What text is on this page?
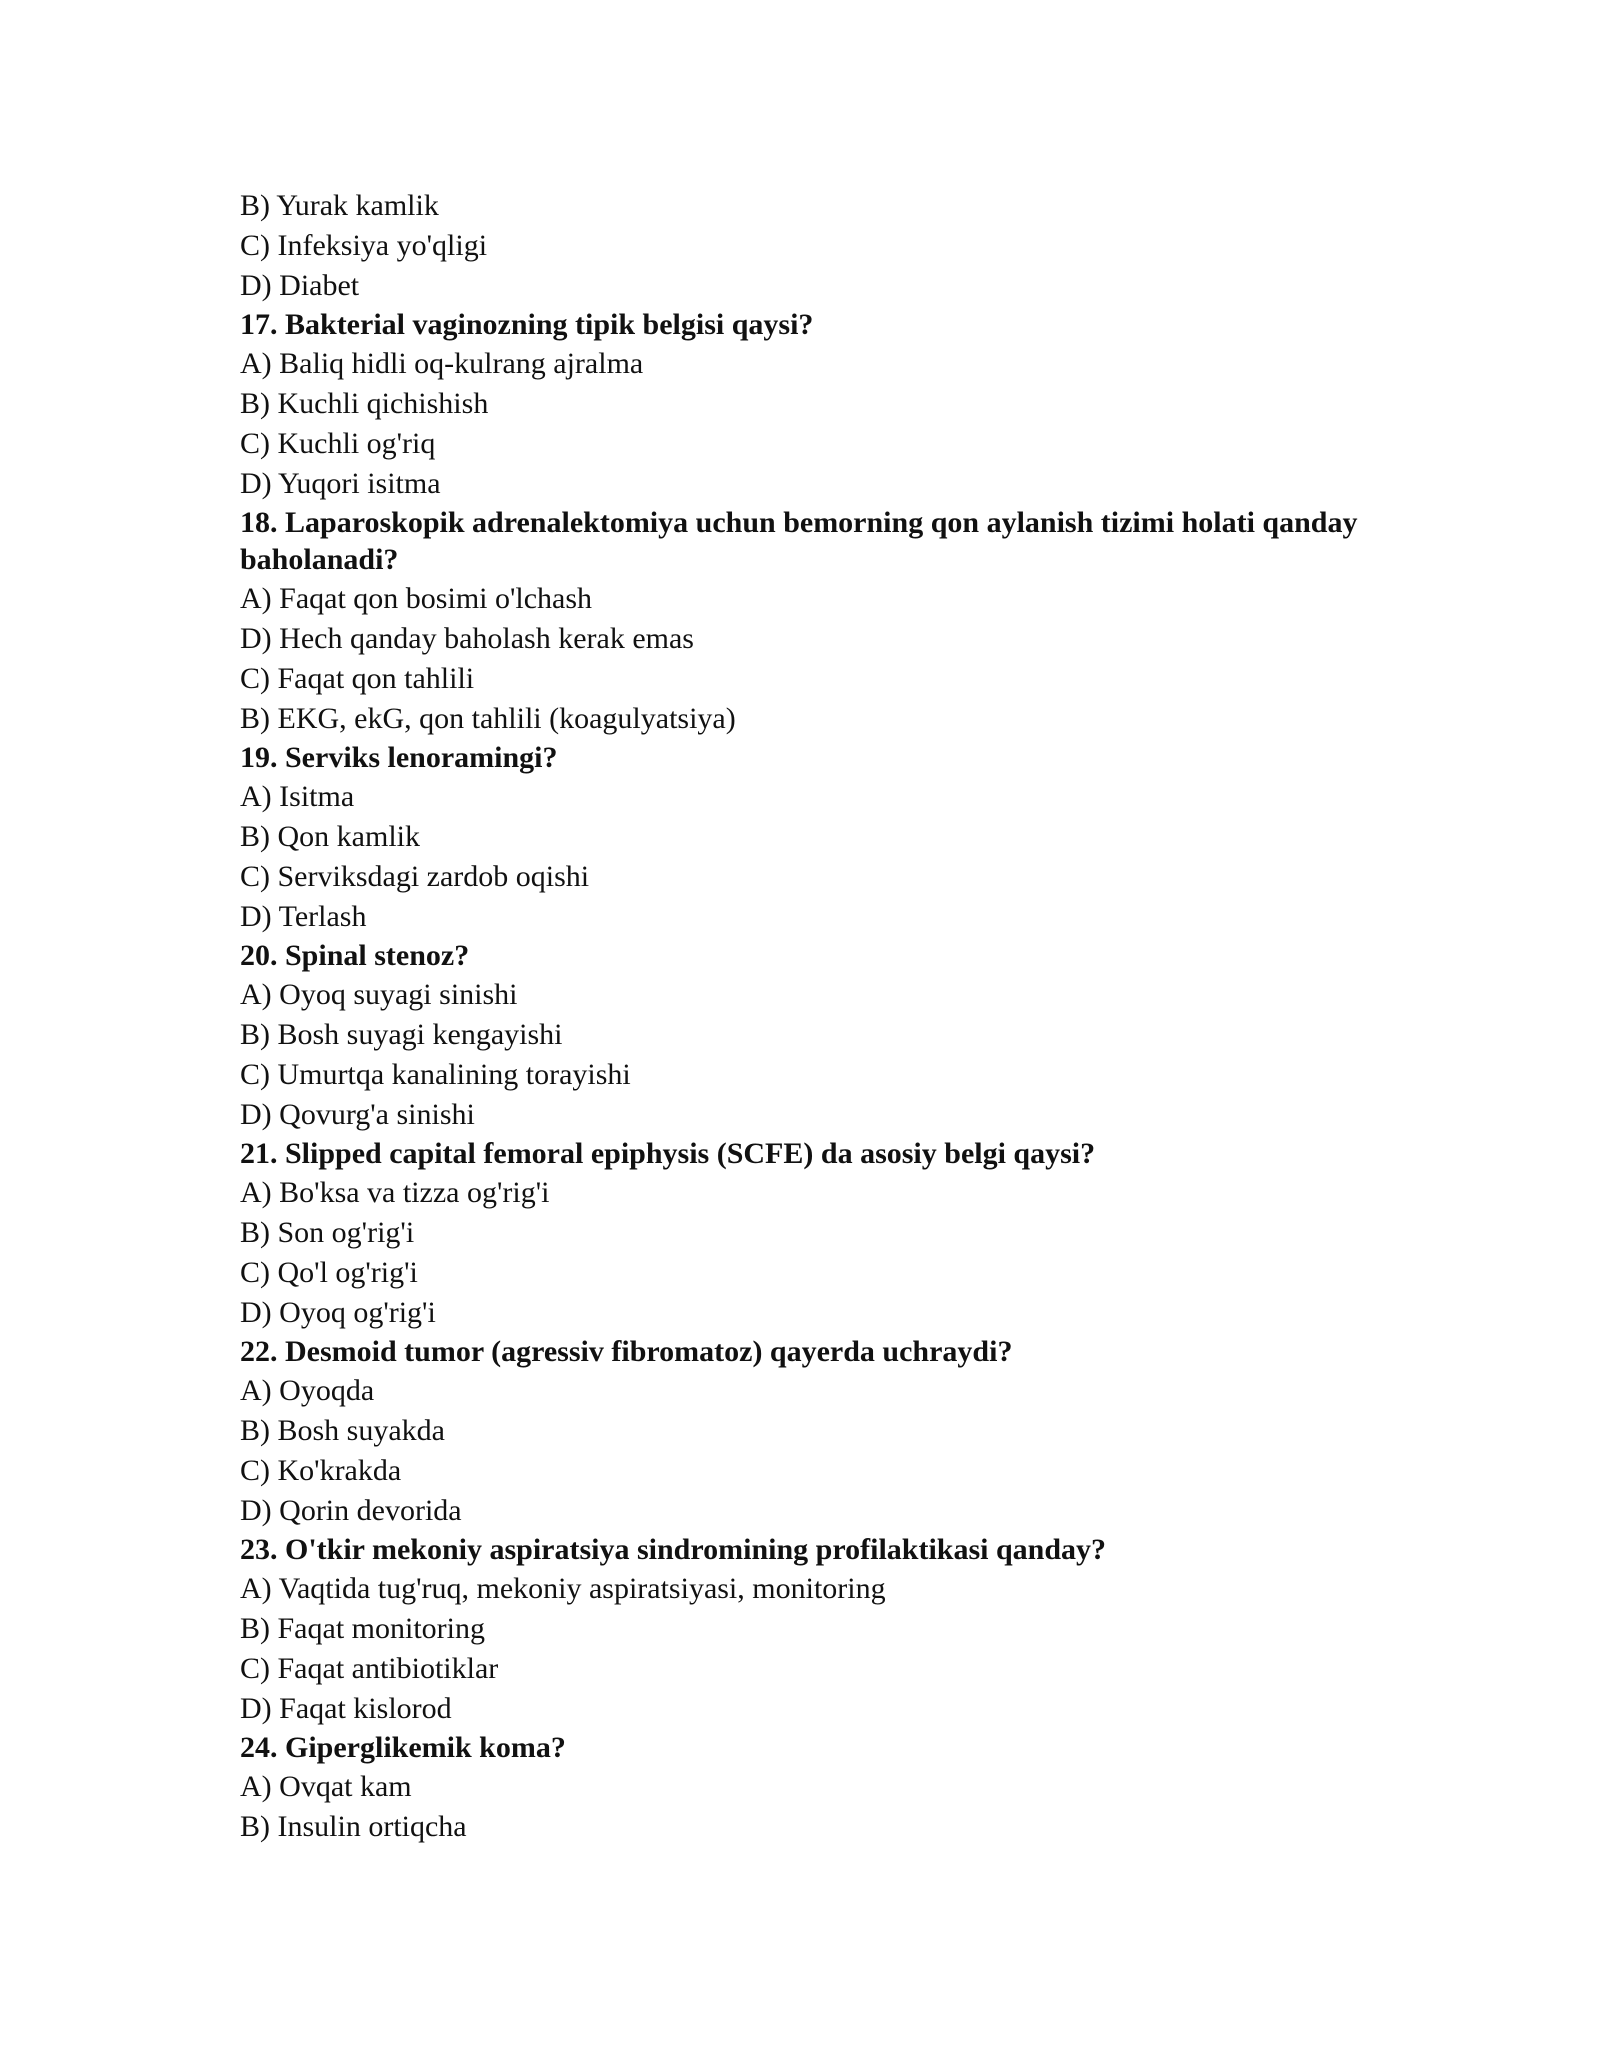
B) Yurak kamlik

C) Infeksiya yo'qligi

D) Diabet

17. Bakterial vaginozning tipik belgisi qaysi?

A) Baliq hidli oq-kulrang ajralma

B) Kuchli qichishish

C) Kuchli og'riq

D) Yuqori isitma

18. Laparoskopik adrenalektomiya uchun bemorning qon aylanish tizimi holati qanday baholanadi?

A) Faqat qon bosimi o'lchash

D) Hech qanday baholash kerak emas

C) Faqat qon tahlili

B) EKG, ekG, qon tahlili (koagulyatsiya)

19. Serviks lenoramingi?

A) Isitma

B) Qon kamlik

C) Serviksdagi zardob oqishi

D) Terlash

20. Spinal stenoz?

A) Oyoq suyagi sinishi

B) Bosh suyagi kengayishi

C) Umurtqa kanalining torayishi

D) Qovurg'a sinishi

21. Slipped capital femoral epiphysis (SCFE) da asosiy belgi qaysi?

A) Bo'ksa va tizza og'rig'i

B) Son og'rig'i

C) Qo'l og'rig'i

D) Oyoq og'rig'i

22. Desmoid tumor (agressiv fibromatoz) qayerda uchraydi?

A) Oyoqda

B) Bosh suyakda

C) Ko'krakda

D) Qorin devorida

23. O'tkir mekoniy aspiratsiya sindromining profilaktikasi qanday?

A) Vaqtida tug'ruq, mekoniy aspiratsiyasi, monitoring

B) Faqat monitoring

C) Faqat antibiotiklar

D) Faqat kislorod

24. Giperglikemik koma?

A) Ovqat kam

B) Insulin ortiqcha
